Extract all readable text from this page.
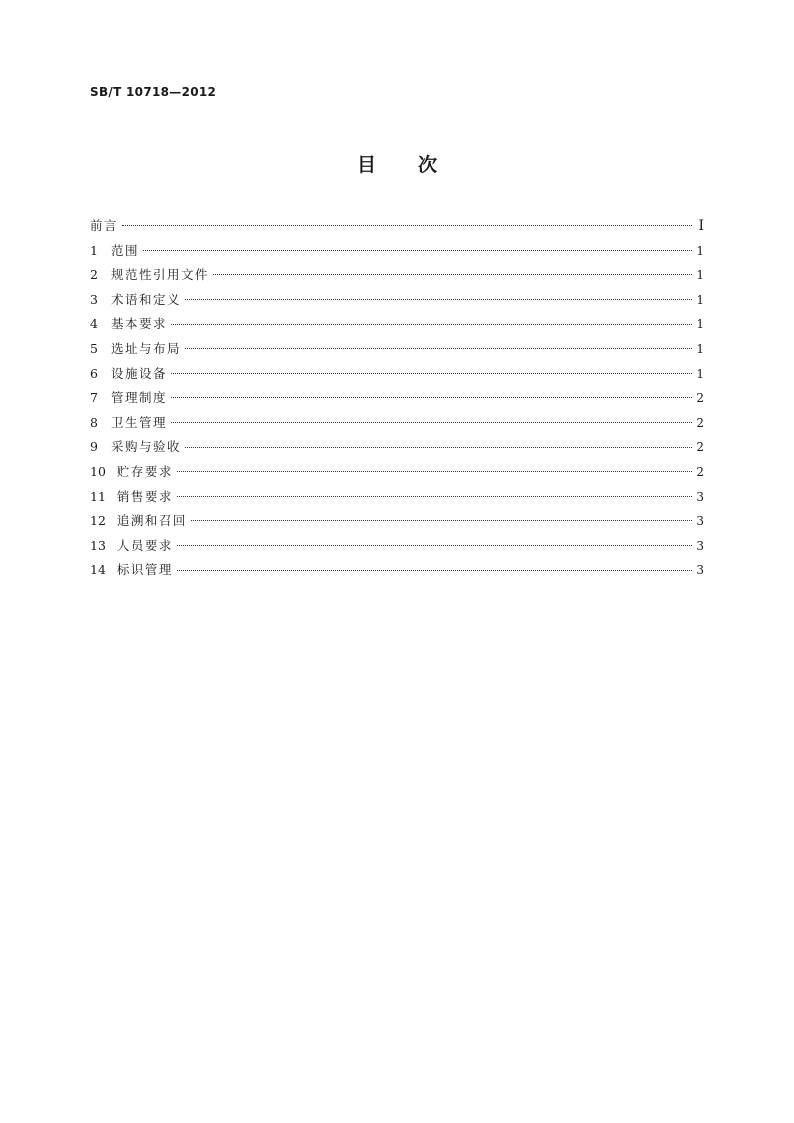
SB/T 10718—2012
目 次
前言	I
1 范围	1
2 规范性引用文件	1
3 术语和定义	1
4 基本要求	1
5 选址与布局	1
6 设施设备	1
7 管理制度	2
8 卫生管理	2
9 采购与验收	2
10 贮存要求	2
11 销售要求	3
12 追溯和召回	3
13 人员要求	3
14 标识管理	3
